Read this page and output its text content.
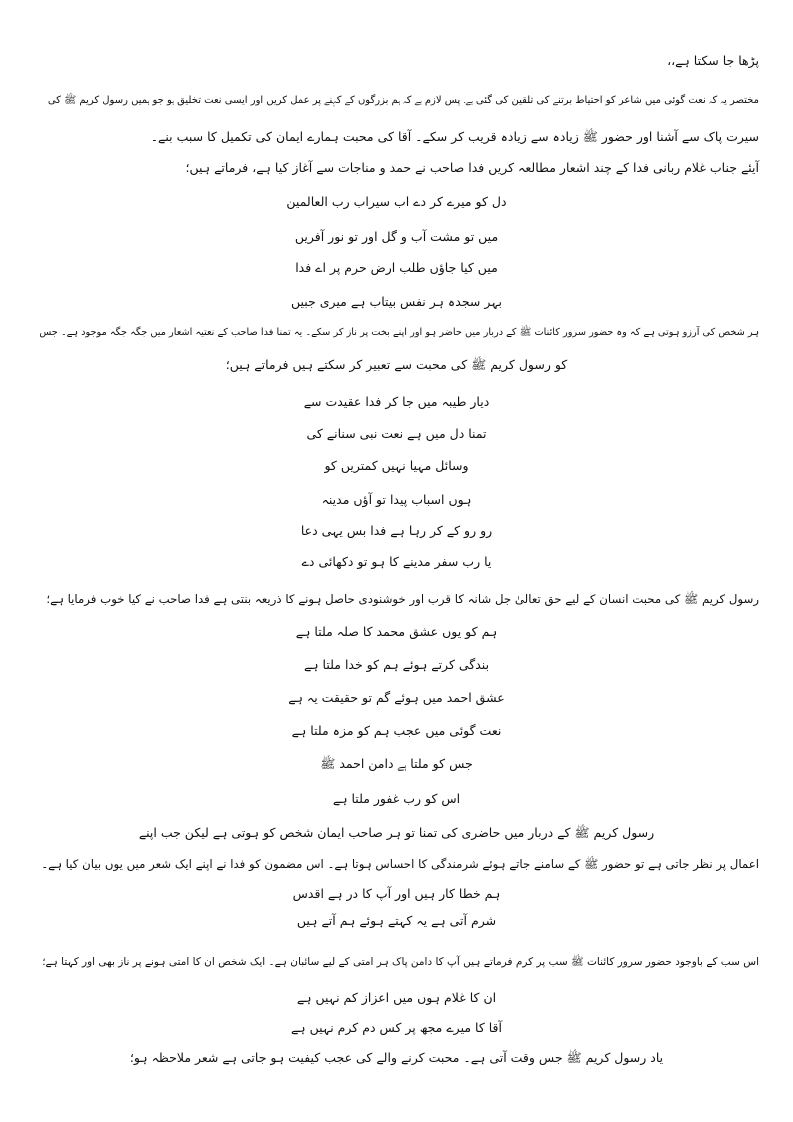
پڑھا جا سکتا ہے،،
مختصر یہ کہ نعت گوئی میں شاعر کو احتیاط برتنے کی تلقین کی گئی ہے۔ پس لازم ہے کہ ہم بزرگوں کے کہنے پر عمل کریں اور ایسی نعت تخلیق ہو جو ہمیں رسول کریم ﷺ کی
سیرت پاک سے آشنا اور حضور ﷺ زیادہ سے زیادہ قریب کر سکے۔ آقا کی محبت ہمارے ایمان کی تکمیل کا سبب بنے۔
آیئے جناب غلام ربانی فدا کے چند اشعار مطالعہ کریں فدا صاحب نے حمد و مناجات سے آغاز کیا ہے، فرماتے ہیں؛
دل کو میرے کر دے اب سیراب رب العالمین
میں تو مشت آب و گل اور تو نور آفریں
میں کیا جاؤں طلب ارض حرم پر اے فدا
بہر سجدہ ہر نفس بیتاب ہے میری جبیں
ہر شخص کی آرزو ہوتی ہے کہ وہ حضور سرور کائنات ﷺ کے دربار میں حاضر ہو اور اپنے بخت پر ناز کر سکے۔ یہ تمنا فدا صاحب کے نعتیہ اشعار میں جگہ جگہ موجود ہے۔ جس
کو رسول کریم ﷺ کی محبت سے تعبیر کر سکتے ہیں فرماتے ہیں؛
دیار طیبہ میں جا کر فدا عقیدت سے
تمنا دل میں ہے نعت نبی سنانے کی
وسائل مہیا نہیں کمتریں کو
ہوں اسباب پیدا تو آؤں مدینہ
رو رو کے کر رہا ہے فدا بس یہی دعا
یا رب سفر مدینے کا ہو تو دکھائی دے
رسول کریم ﷺ کی محبت انسان کے لیے حق تعالیٰ جل شانہ کا قرب اور خوشنودی حاصل ہونے کا ذریعہ بنتی ہے فدا صاحب نے کیا خوب فرمایا ہے؛
ہم کو یوں عشق محمد کا صلہ ملتا ہے
بندگی کرتے ہوئے ہم کو خدا ملتا ہے
عشق احمد میں ہوئے گم تو حقیقت یہ ہے
نعت گوئی میں عجب ہم کو مزہ ملتا ہے
جس کو ملتا ہے دامن احمد ﷺ
اس کو رب غفور ملتا ہے
رسول کریم ﷺ کے دربار میں حاضری کی تمنا تو ہر صاحب ایمان شخص کو ہوتی ہے لیکن جب اپنے
اعمال پر نظر جاتی ہے تو حضور ﷺ کے سامنے جاتے ہوئے شرمندگی کا احساس ہوتا ہے۔ اس مضمون کو فدا نے اپنے ایک شعر میں یوں بیان کیا ہے۔
ہم خطا کار ہیں اور آپ کا در ہے اقدس
شرم آتی ہے یہ کہتے ہوئے ہم آتے ہیں
اس سب کے باوجود حضور سرور کائنات ﷺ سب پر کرم فرماتے ہیں آپ کا دامن پاک ہر امتی کے لیے سائبان ہے۔ ایک شخص ان کا امتی ہونے پر ناز بھی اور کہتا ہے؛
ان کا غلام ہوں میں اعزاز کم نہیں ہے
آقا کا میرے مجھ پر کس دم کرم نہیں ہے
یاد رسول کریم ﷺ جس وقت آتی ہے۔ محبت کرنے والے کی عجب کیفیت ہو جاتی ہے شعر ملاحظہ ہو؛
